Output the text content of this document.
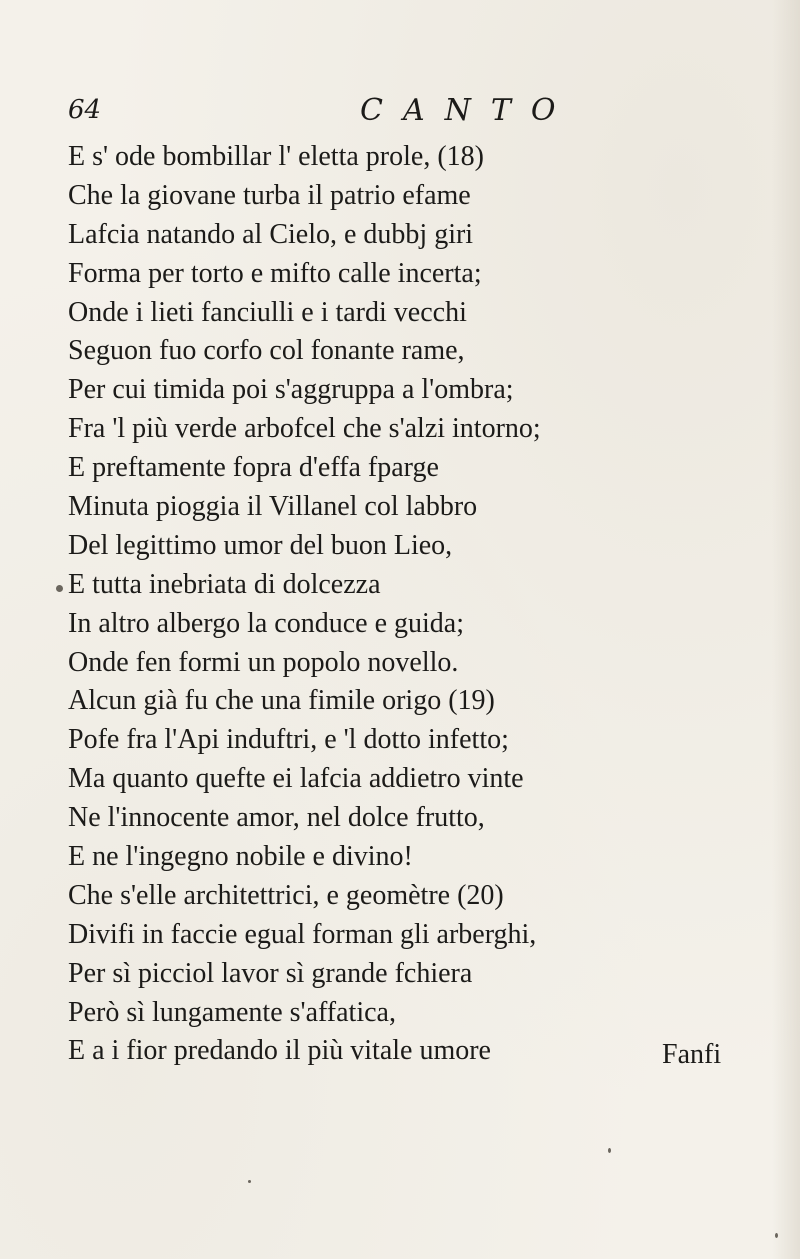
64	CANTO
E s' ode bombillar l' eletta prole, (18)
Che la giovane turba il patrio efame
Lafcia natando al Cielo, e dubbj giri
Forma per torto e mifto calle incerta;
Onde i lieti fanciulli e i tardi vecchi
Seguon fuo corfo col fonante rame,
Per cui timida poi s'aggruppa a l'ombra;
Fra 'l più verde arbofcel che s'alzi intorno;
E preftamente fopra d'effa fparge
Minuta pioggia il Villanel col labbro
Del legittimo umor del buon Lieo,
E tutta inebriata di dolcezza
In altro albergo la conduce e guida;
Onde fen formi un popolo novello.
Alcun già fu che una fimile origo (19)
Pofe fra l'Api induftri, e 'l dotto infetto;
Ma quanto quefte ei lafcia addietro vinte
Ne l'innocente amor, nel dolce frutto,
E ne l'ingegno nobile e divino!
Che s'elle architettrici, e geomètre (20)
Divifi in faccie egual forman gli arberghi,
Per sì picciol lavor sì grande fchiera
Però sì lungamente s'affatica,
E a i fior predando il più vitale umore	Fanfi
